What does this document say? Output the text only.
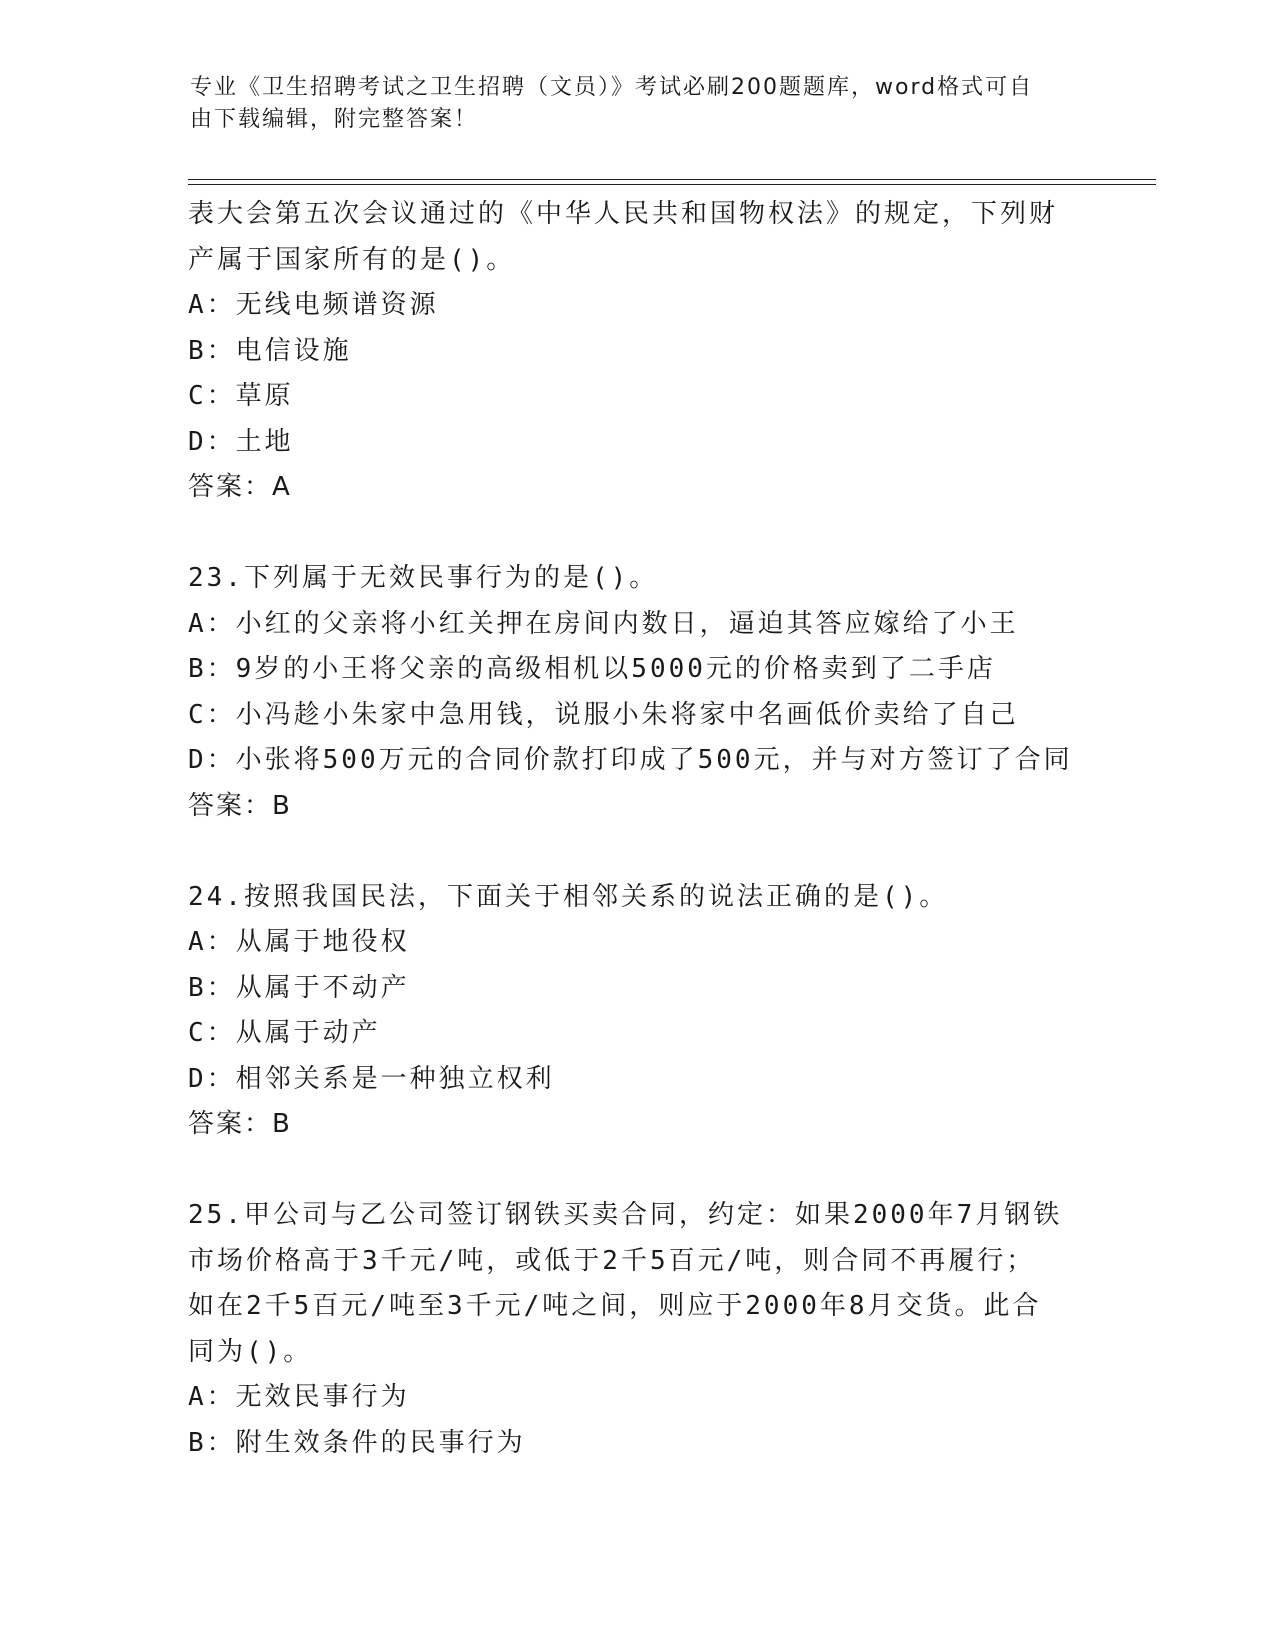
专业《卫生招聘考试之卫生招聘（文员）》考试必刷200题题库，word格式可自
由下载编辑，附完整答案！
表大会第五次会议通过的《中华人民共和国物权法》的规定，下列财
产属于国家所有的是()。
A：无线电频谱资源
B：电信设施
C：草原
D：土地
答案：A
23.下列属于无效民事行为的是()。
A：小红的父亲将小红关押在房间内数日，逼迫其答应嫁给了小王
B：9岁的小王将父亲的高级相机以5000元的价格卖到了二手店
C：小冯趁小朱家中急用钱，说服小朱将家中名画低价卖给了自己
D：小张将500万元的合同价款打印成了500元，并与对方签订了合同
答案：B
24.按照我国民法，下面关于相邻关系的说法正确的是()。
A：从属于地役权
B：从属于不动产
C：从属于动产
D：相邻关系是一种独立权利
答案：B
25.甲公司与乙公司签订钢铁买卖合同，约定：如果2000年7月钢铁
市场价格高于3千元/吨，或低于2千5百元/吨，则合同不再履行；
如在2千5百元/吨至3千元/吨之间，则应于2000年8月交货。此合
同为()。
A：无效民事行为
B：附生效条件的民事行为
